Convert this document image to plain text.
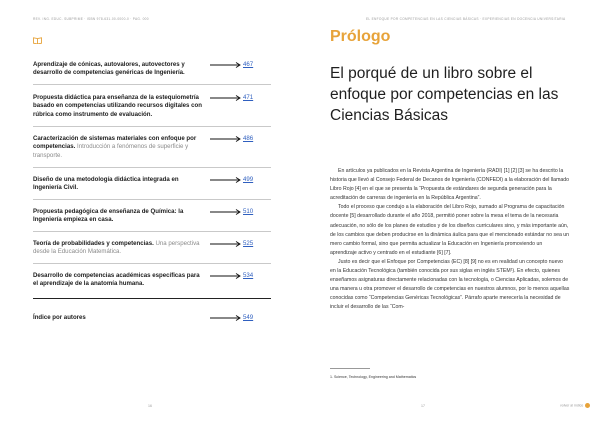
REV. ING. EDUC. SUBPRIME · ISBN 978-631-00-0000-0 · PAG. 000
Aprendizaje de cónicas, autovalores, autovectores y desarrollo de competencias genéricas de Ingeniería.
467
Propuesta didáctica para enseñanza de la estequiometría basado en competencias utilizando recursos digitales con rúbrica como instrumento de evaluación.
471
Caracterización de sistemas materiales con enfoque por competencias. Introducción a fenómenos de superficie y transporte.
486
Diseño de una metodología didáctica integrada en Ingeniería Civil.
499
Propuesta pedagógica de enseñanza de Química: la Ingeniería empieza en casa.
510
Teoría de probabilidades y competencias. Una perspectiva desde la Educación Matemática.
525
Desarrollo de competencias académicas específicas para el aprendizaje de la anatomía humana.
534
Índice por autores	549
16
EL ENFOQUE POR COMPETENCIAS EN LAS CIENCIAS BÁSICAS · EXPERIENCIAS EN DOCENCIA UNIVERSITARIA
Prólogo
El porqué de un libro sobre el enfoque por competencias en las Ciencias Básicas

En artículos ya publicados en la Revista Argentina de Ingeniería (RADI) [1] [2] [3] se ha descrito la historia que llevó al Consejo Federal de Decanos de Ingeniería (CONFEDI) a la elaboración del llamado Libro Rojo [4] en el que se presenta la “Propuesta de estándares de segunda generación para la acreditación de carreras de ingeniería en la República Argentina”.

Todo el proceso que condujo a la elaboración del Libro Rojo, sumado al Programa de capacitación docente [5] desarrollado durante el año 2018, permitió poner sobre la mesa el tema de la necesaria adecuación, no sólo de los planes de estudios y de los diseños curriculares sino, y más importante aún, de los cambios que deben producirse en la dinámica áulica para que el mencionado estándar no sea un mero cambio formal, sino que permita actualizar la Educación en Ingeniería promoviendo un aprendizaje activo y centrado en el estudiante [6] [7].

Justo es decir que el Enfoque por Competencias (EC) [8] [9] no es en realidad un concepto nuevo en la Educación Tecnológica (también conocida por sus siglas en inglés STEM¹). En efecto, quienes enseñamos asignaturas directamente relacionadas con la tecnología, o Ciencias Aplicadas, solemos de una manera u otra promover el desarrollo de competencias en nuestros alumnos, por lo menos aquellas conocidas como “Competencias Genéricas Tecnológicas”. Párrafo aparte merecería la necesidad de incluir el desarrollo de las “Com-

1. Science, Technology, Engineering and Mathematics
17	volver al índice
